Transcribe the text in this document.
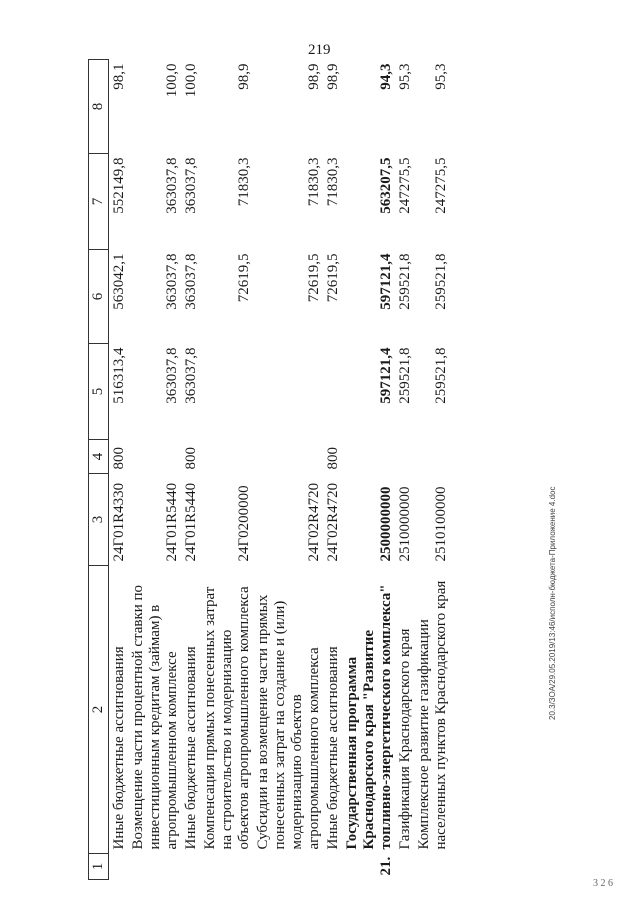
219
1	2	3	4	5	6	7	8
	Иные бюджетные ассигнования	24Г01R4330	800	516313,4	563042,1	552149,8	98,1
	Возмещение части процентной ставки по инвестиционным кредитам (займам) в агропромышленном комплексе	24Г01R5440		363037,8	363037,8	363037,8	100,0
	Иные бюджетные ассигнования	24Г01R5440	800	363037,8	363037,8	363037,8	100,0
	Компенсация прямых понесенных затрат на строительство и модернизацию объектов агропромышленного комплекса	24Г0200000			72619,5	71830,3	98,9
	Субсидии на возмещение части прямых понесенных затрат на создание и (или) модернизацию объектов агропромышленного комплекса	24Г02R4720			72619,5	71830,3	98,9
	Иные бюджетные ассигнования	24Г02R4720	800		72619,5	71830,3	98,9
21.	Государственная программа Краснодарского края "Развитие топливно-энергетического комплекса"	2500000000		597121,4	597121,4	563207,5	94,3
	Газификация Краснодарского края	2510000000		259521,8	259521,8	247275,5	95,3
	Комплексное развитие газификации населенных пунктов Краснодарского края	2510100000		259521,8	259521,8	247275,5	95,3
20.3/ЗОА/29.05.2019/13:46/исполн-бюджета-Приложение 4.doc
3 2 6
